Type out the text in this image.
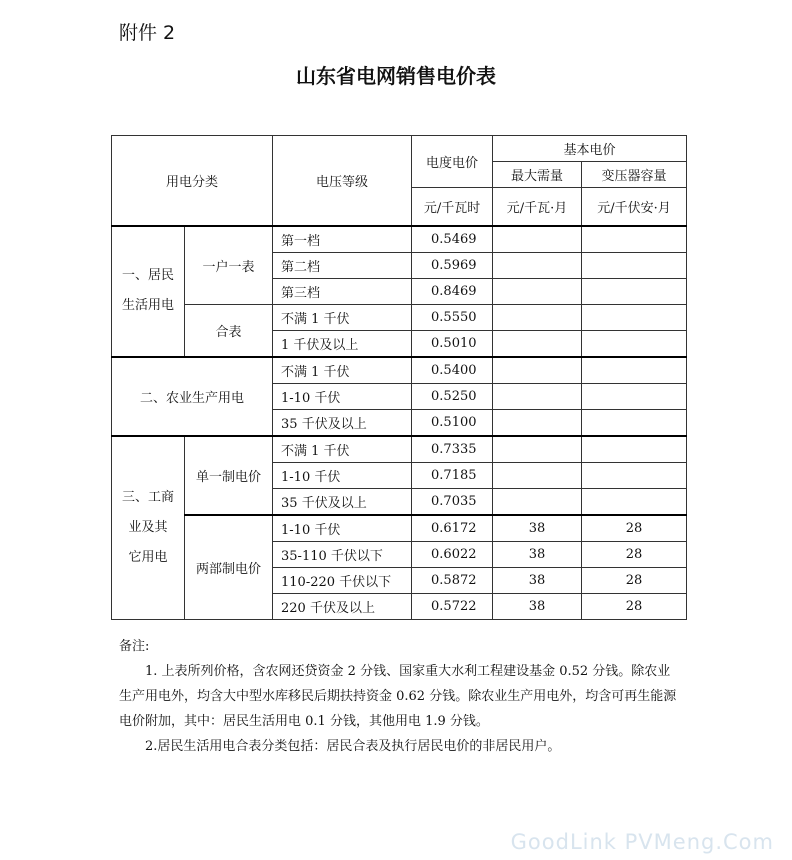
附件 2
山东省电网销售电价表
用电分类		电压等级	电度电价	基本电价	
				最大需量	变压器容量
			元/千瓦时	元/千瓦·月	元/千伏安·月
一、居民
生活用电	一户一表	第一档	0.5469		
		第二档	0.5969		
		第三档	0.8469		
	合表	不满 1 千伏	0.5550		
		1 千伏及以上	0.5010		
二、农业生产用电		不满 1 千伏	0.5400		
		1-10 千伏	0.5250		
		35 千伏及以上	0.5100		
三、工商
业及其
它用电	单一制电价	不满 1 千伏	0.7335		
		1-10 千伏	0.7185		
		35 千伏及以上	0.7035		
	两部制电价	1-10 千伏	0.6172	38	28
		35-110 千伏以下	0.6022	38	28
		110-220 千伏以下	0.5872	38	28
		220 千伏及以上	0.5722	38	28
备注:
1. 上表所列价格，含农网还贷资金 2 分钱、国家重大水利工程建设基金 0.52 分钱。除农业生产用电外，均含大中型水库移民后期扶持资金 0.62 分钱。除农业生产用电外，均含可再生能源电价附加，其中：居民生活用电 0.1 分钱，其他用电 1.9 分钱。
2.居民生活用电合表分类包括：居民合表及执行居民电价的非居民用户。
GoodLink PVMeng.Com
